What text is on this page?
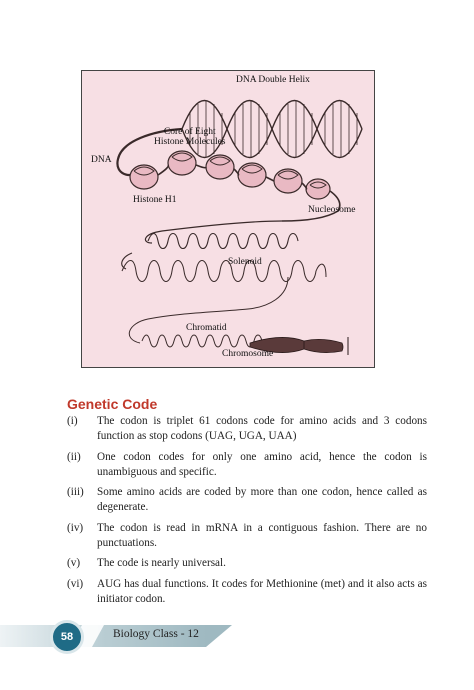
DNA Double Helix
Core of Eight
Histone Molecules
DNA
Histone H1
Nucleosome
Solenoid
Chromatid
Chromosome
Genetic Code
(i) The codon is triplet 61 codons code for amino acids and 3 codons function as stop codons (UAG, UGA, UAA)
(ii) One codon codes for only one amino acid, hence the codon is unambiguous and specific.
(iii) Some amino acids are coded by more than one codon, hence called as degenerate.
(iv) The codon is read in mRNA in a contiguous fashion. There are no punctuations.
(v) The code is nearly universal.
(vi) AUG has dual functions. It codes for Methionine (met) and it also acts as initiator codon.
58	Biology Class - 12
